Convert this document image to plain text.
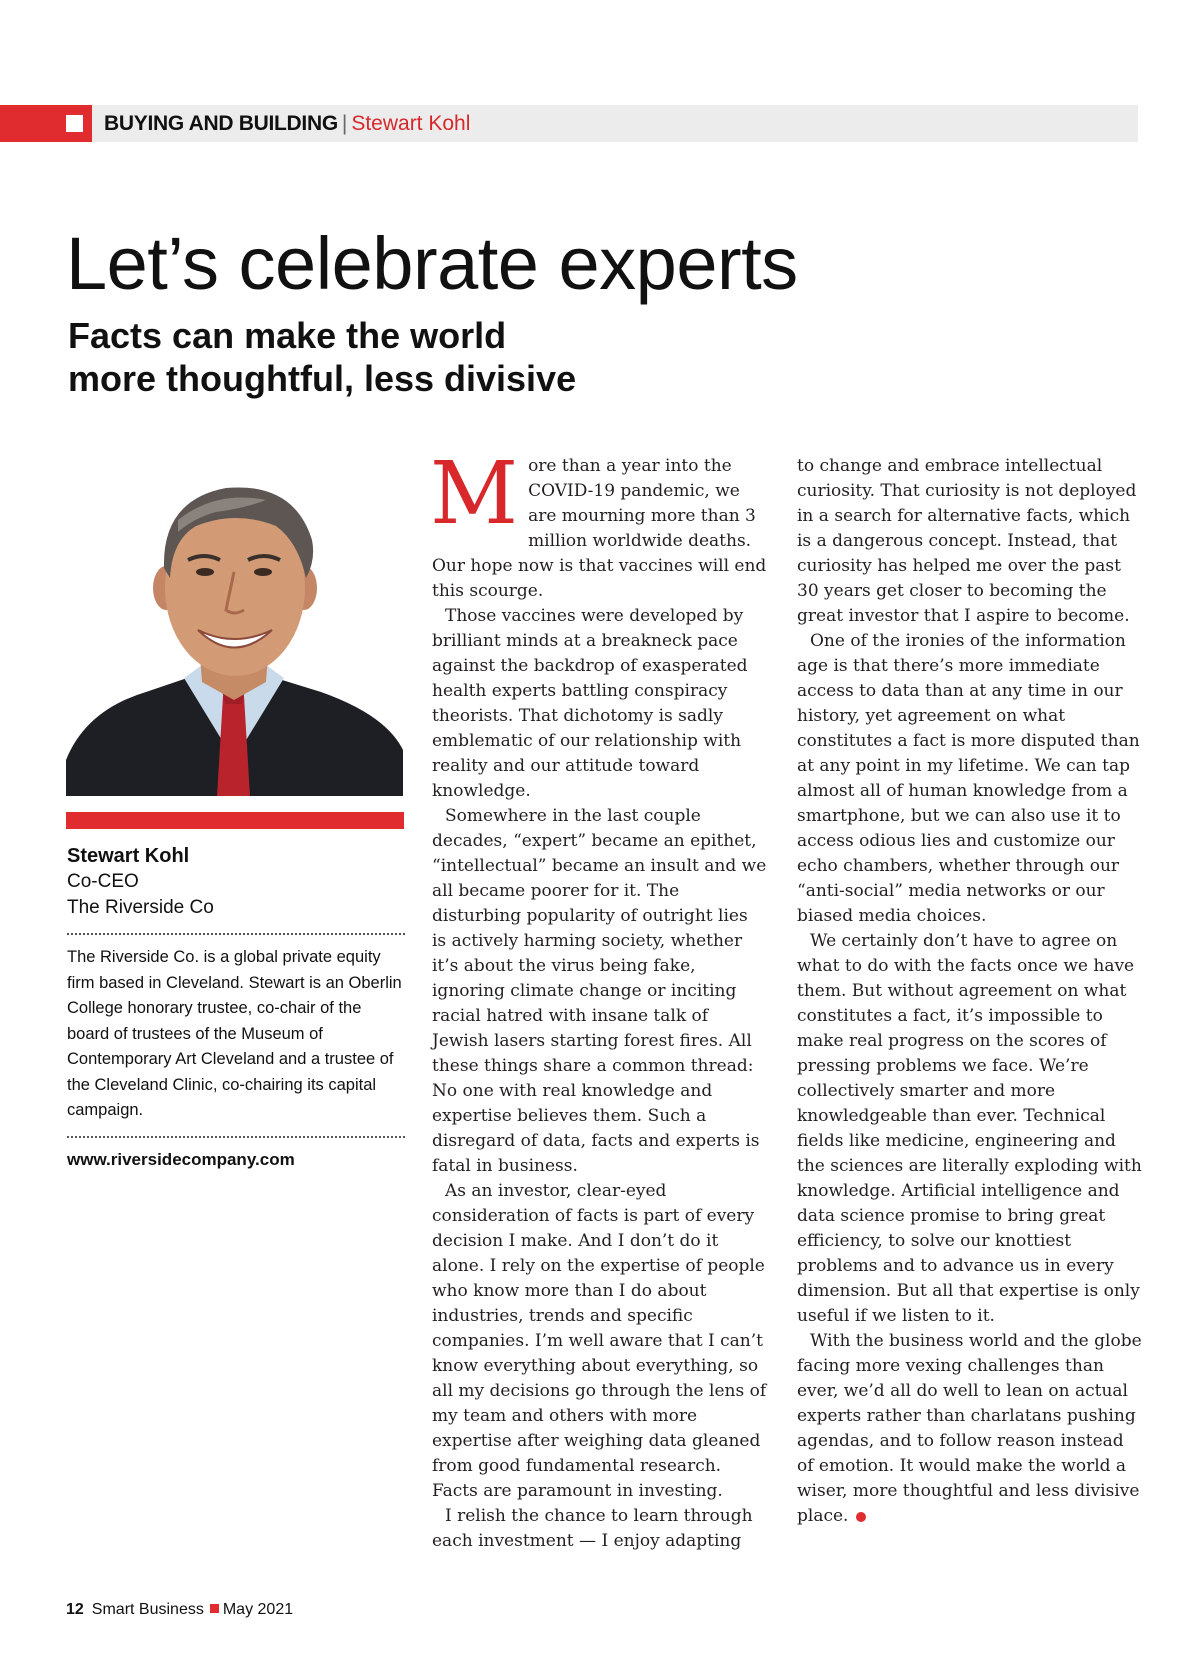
BUYING AND BUILDING | Stewart Kohl
Let’s celebrate experts
Facts can make the world
more thoughtful, less divisive
Stewart Kohl
Co-CEO
The Riverside Co
The Riverside Co. is a global private equity firm based in Cleveland. Stewart is an Oberlin College honorary trustee, co-chair of the board of trustees of the Museum of Contemporary Art Cleveland and a trustee of the Cleveland Clinic, co-chairing its capital campaign.
www.riversidecompany.com

More than a year into the COVID-19 pandemic, we are mourning more than 3 million worldwide deaths. Our hope now is that vaccines will end this scourge.

Those vaccines were developed by brilliant minds at a breakneck pace against the backdrop of exasperated health experts battling conspiracy theorists. That dichotomy is sadly emblematic of our relationship with reality and our attitude toward knowledge.

Somewhere in the last couple decades, “expert” became an epithet, “intellectual” became an insult and we all became poorer for it. The disturbing popularity of outright lies is actively harming society, whether it’s about the virus being fake, ignoring climate change or inciting racial hatred with insane talk of Jewish lasers starting forest fires. All these things share a common thread: No one with real knowledge and expertise believes them. Such a disregard of data, facts and experts is fatal in business.

As an investor, clear-eyed consideration of facts is part of every decision I make. And I don’t do it alone. I rely on the expertise of people who know more than I do about industries, trends and specific companies. I’m well aware that I can’t know everything about everything, so all my decisions go through the lens of my team and others with more expertise after weighing data gleaned from good fundamental research. Facts are paramount in investing.

I relish the chance to learn through each investment — I enjoy adapting

to change and embrace intellectual curiosity. That curiosity is not deployed in a search for alternative facts, which is a dangerous concept. Instead, that curiosity has helped me over the past 30 years get closer to becoming the great investor that I aspire to become.

One of the ironies of the information age is that there’s more immediate access to data than at any time in our history, yet agreement on what constitutes a fact is more disputed than at any point in my lifetime. We can tap almost all of human knowledge from a smartphone, but we can also use it to access odious lies and customize our echo chambers, whether through our “anti-social” media networks or our biased media choices.

We certainly don’t have to agree on what to do with the facts once we have them. But without agreement on what constitutes a fact, it’s impossible to make real progress on the scores of pressing problems we face. We’re collectively smarter and more knowledgeable than ever. Technical fields like medicine, engineering and the sciences are literally exploding with knowledge. Artificial intelligence and data science promise to bring great efficiency, to solve our knottiest problems and to advance us in every dimension. But all that expertise is only useful if we listen to it.

With the business world and the globe facing more vexing challenges than ever, we’d all do well to lean on actual experts rather than charlatans pushing agendas, and to follow reason instead of emotion. It would make the world a wiser, more thoughtful and less divisive place.

12 Smart Business May 2021
